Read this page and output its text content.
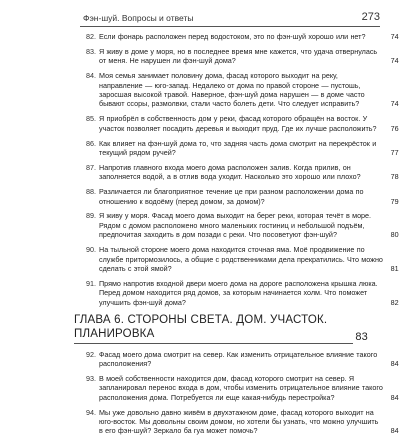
Фэн-шуй. Вопросы и ответы	273
82. Если фонарь расположен перед водостоком, это по фэн-шуй хорошо или нет? .....	74
83. Я живу в доме у моря, но в последнее время мне кажется, что удача отвернулась от меня. Не нарушен ли фэн-шуй дома? .....	74
84. Моя семья занимает половину дома, фасад которого выходит на реку, направление — юго-запад. Недалеко от дома по правой стороне — пустошь, заросшая высокой травой. Наверное, фэн-шуй дома нарушен — в доме часто бывают ссоры, размолвки, стали часто болеть дети. Что следует исправить? .....	74
85. Я приобрёл в собственность дом у реки, фасад которого обращён на восток. У участок позволяет посадить деревья и выходит пруд. Где их лучше расположить? .....	76
86. Как влияет на фэн-шуй дома то, что задняя часть дома смотрит на перекрёсток и текущий рядом ручей? .....	77
87. Напротив главного входа моего дома расположен залив. Когда прилив, он заполняется водой, а в отлив вода уходит. Насколько это хорошо или плохо? .....	78
88. Различается ли благоприятное течение це при разном расположении дома по отношению к водоёму (перед домом, за домом)? .....	79
89. Я живу у моря. Фасад моего дома выходит на берег реки, которая течёт в море. Рядом с домом расположено много маленьких гостиниц и небольшой подъём, предпочитая заходить в дом позади с реки. Что посоветуют фэн-шуй? .....	80
90. На тыльной стороне моего дома находится сточная яма. Моё продвижение по службе притормозилось, а общие с родственниками дела прекратились. Что можно сделать с этой ямой? .....	81
91. Прямо напротив входной двери моего дома на дороге расположена крышка люка. Перед домом находится ряд домов, за которым начинается холм. Что поможет улучшить фэн-шуй дома? .....	82
ГЛАВА 6. СТОРОНЫ СВЕТА. ДОМ. УЧАСТОК. ПЛАНИРОВКА	83
92. Фасад моего дома смотрит на север. Как изменить отрицательное влияние такого расположения? .....	84
93. В моей собственности находится дом, фасад которого смотрит на север. Я запланировал перенос входа в дом, чтобы изменить отрицательное влияние такого расположения дома. Потребуется ли еще какая-нибудь перестройка? .....	84
94. Мы уже довольно давно живём в двухэтажном доме, фасад которого выходит на юго-восток. Мы довольны своим домом, но хотели бы узнать, что можно улучшить в его фэн-шуй? Зеркало ба гуа может помочь? .....	84
